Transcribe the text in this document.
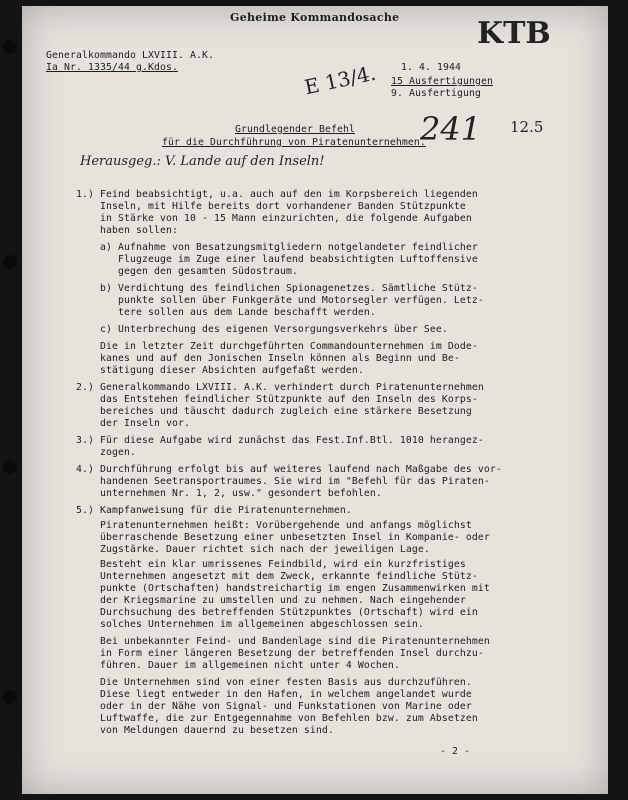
Geheime Kommandosache	KTB
Generalkommando LXVIII. A.K.
Ia Nr. 1335/44 g.Kdos.	1. 4. 1944
15 Ausfertigungen
9. Ausfertigung
E 13/4.
241 12.5
Grundlegender Befehl
für die Durchführung von Piratenunternehmen.
Herausgeg.: V. Lande auf den Inseln!
1.) Feind beabsichtigt, u.a. auch auf den im Korpsbereich liegenden
Inseln, mit Hilfe bereits dort vorhandener Banden Stützpunkte
in Stärke von 10 - 15 Mann einzurichten, die folgende Aufgaben
haben sollen:
a) Aufnahme von Besatzungsmitgliedern notgelandeter feindlicher
Flugzeuge im Zuge einer laufend beabsichtigten Luftoffensive
gegen den gesamten Südostraum.
b) Verdichtung des feindlichen Spionagenetzes. Sämtliche Stütz-
punkte sollen über Funkgeräte und Motorsegler verfügen. Letz-
tere sollen aus dem Lande beschafft werden.
c) Unterbrechung des eigenen Versorgungsverkehrs über See.
Die in letzter Zeit durchgeführten Commandounternehmen im Dode-
kanes und auf den Jonischen Inseln können als Beginn und Be-
stätigung dieser Absichten aufgefaßt werden.
2.) Generalkommando LXVIII. A.K. verhindert durch Piratenunternehmen
das Entstehen feindlicher Stützpunkte auf den Inseln des Korps-
bereiches und täuscht dadurch zugleich eine stärkere Besetzung
der Inseln vor.
3.) Für diese Aufgabe wird zunächst das Fest.Inf.Btl. 1010 herangez-
zogen.
4.) Durchführung erfolgt bis auf weiteres laufend nach Maßgabe des vor-
handenen Seetransportraumes. Sie wird im "Befehl für das Piraten-
unternehmen Nr. 1, 2, usw." gesondert befohlen.
5.) Kampfanweisung für die Piratenunternehmen.
Piratenunternehmen heißt: Vorübergehende und anfangs möglichst
überraschende Besetzung einer unbesetzten Insel in Kompanie- oder
Zugstärke. Dauer richtet sich nach der jeweiligen Lage.
Besteht ein klar umrissenes Feindbild, wird ein kurzfristiges
Unternehmen angesetzt mit dem Zweck, erkannte feindliche Stütz-
punkte (Ortschaften) handstreichartig im engen Zusammenwirken mit
der Kriegsmarine zu umstellen und zu nehmen. Nach eingehender
Durchsuchung des betreffenden Stützpunktes (Ortschaft) wird ein
solches Unternehmen im allgemeinen abgeschlossen sein.
Bei unbekannter Feind- und Bandenlage sind die Piratenunternehmen
in Form einer längeren Besetzung der betreffenden Insel durchzu-
führen. Dauer im allgemeinen nicht unter 4 Wochen.
Die Unternehmen sind von einer festen Basis aus durchzuführen.
Diese liegt entweder in den Hafen, in welchem angelandet wurde
oder in der Nähe von Signal- und Funkstationen von Marine oder
Luftwaffe, die zur Entgegennahme von Befehlen bzw. zum Absetzen
von Meldungen dauernd zu besetzen sind.
- 2 -
